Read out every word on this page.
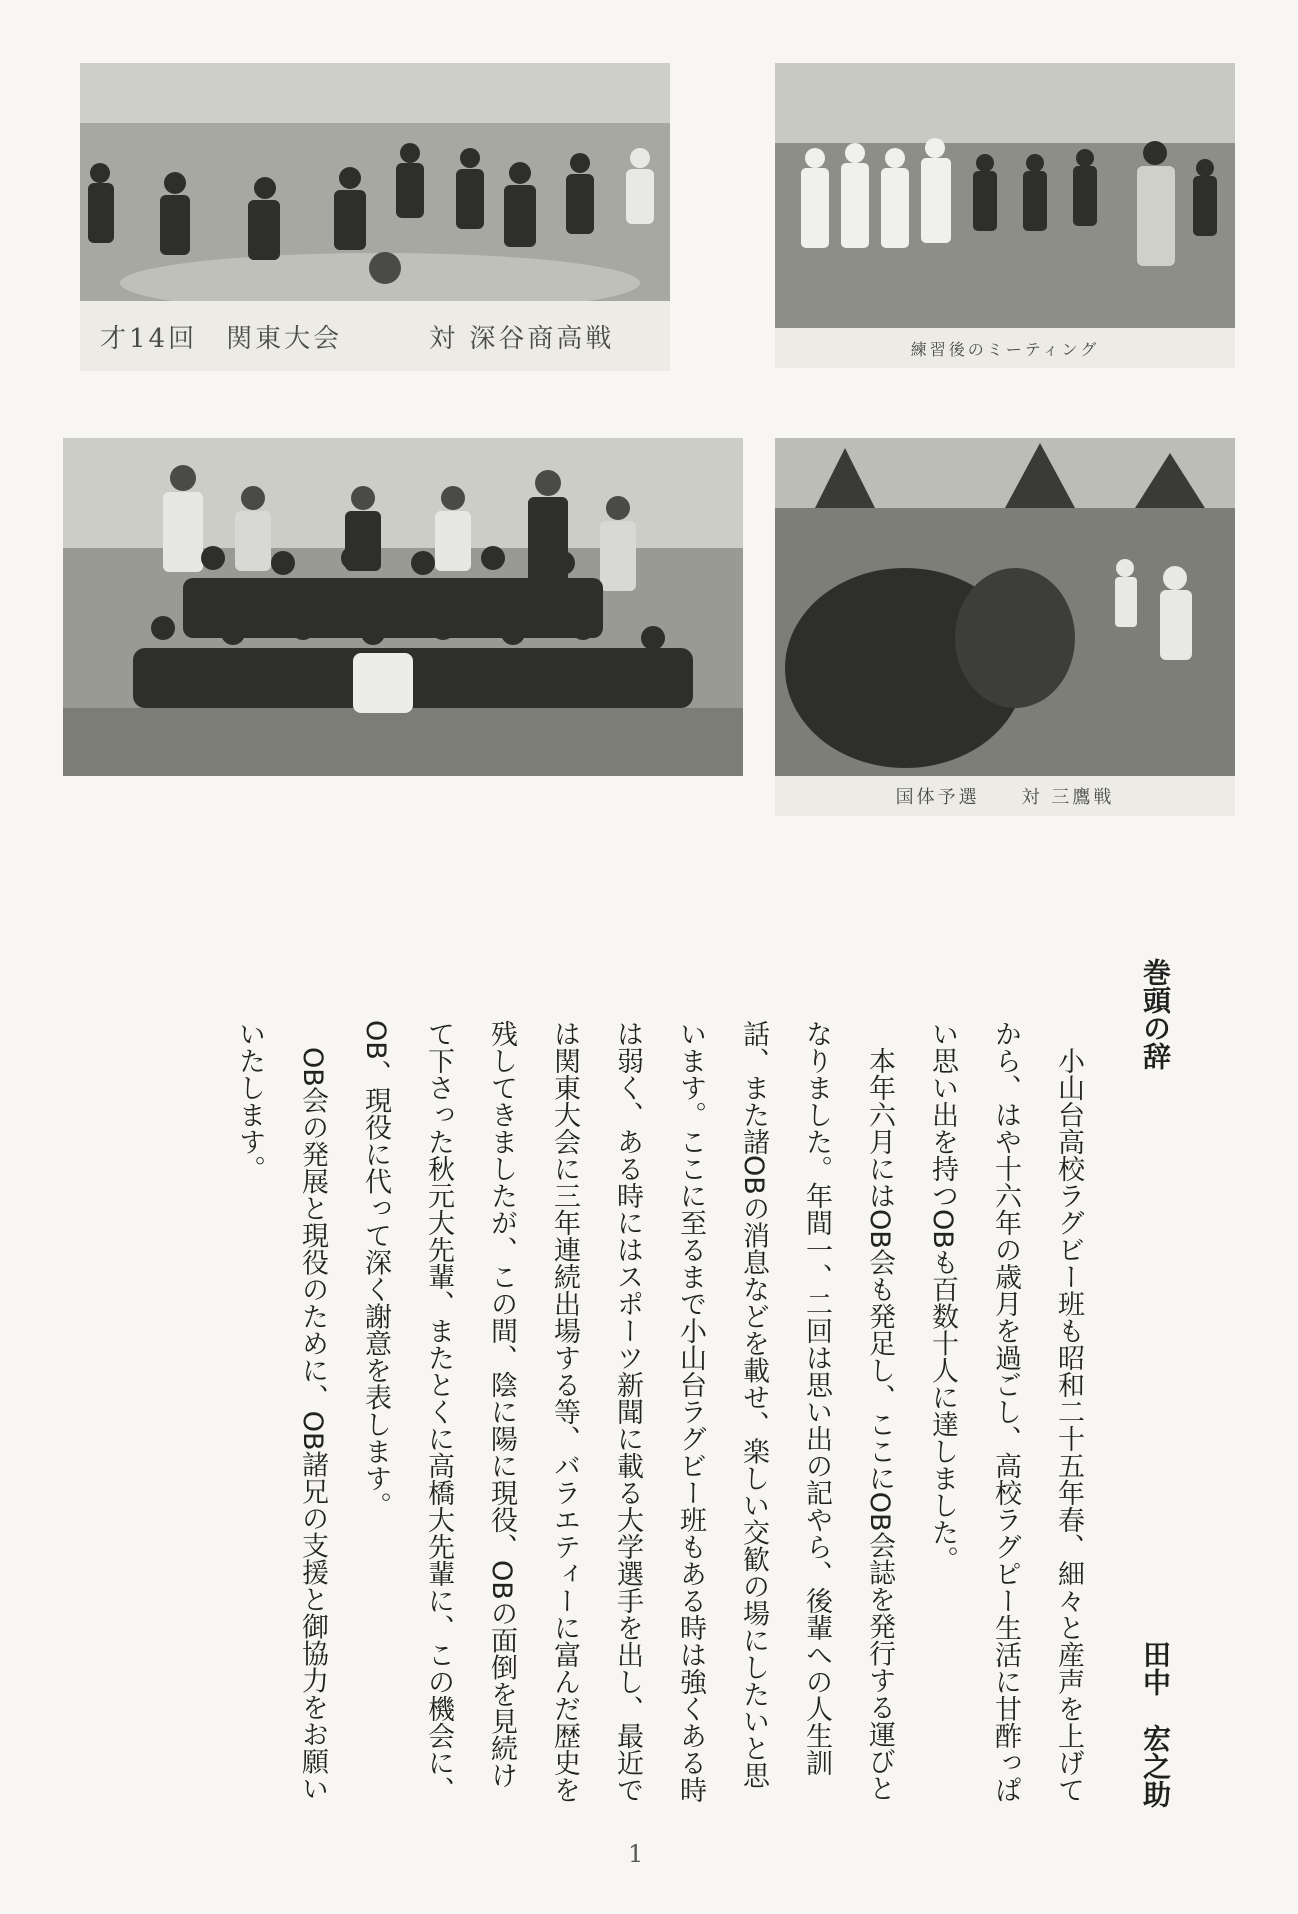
才14回　関東大会　　　対 深谷商高戦	練習後のミーティング
国体予選　　対 三鷹戦
巻頭の辞
田中　宏之助

小山台高校ラグビー班も昭和二十五年春、細々と産声を上げてから、はや十六年の歳月を過ごし、高校ラグピー生活に甘酢っぱい思い出を持つOBも百数十人に達しました。

本年六月にはOB会も発足し、ここにOB会誌を発行する運びとなりました。年間一、二回は思い出の記やら、後輩への人生訓話、また諸OBの消息などを載せ、楽しい交歓の場にしたいと思います。ここに至るまで小山台ラグビー班もある時は強くある時は弱く、ある時にはスポーツ新聞に載る大学選手を出し、最近では関東大会に三年連続出場する等、バラエティーに富んだ歴史を残してきましたが、この間、陰に陽に現役、OBの面倒を見続けて下さった秋元大先輩、またとくに高橋大先輩に、この機会に、OB、現役に代って深く謝意を表します。

OB会の発展と現役のために、OB諸兄の支援と御協力をお願いいたします。

1
